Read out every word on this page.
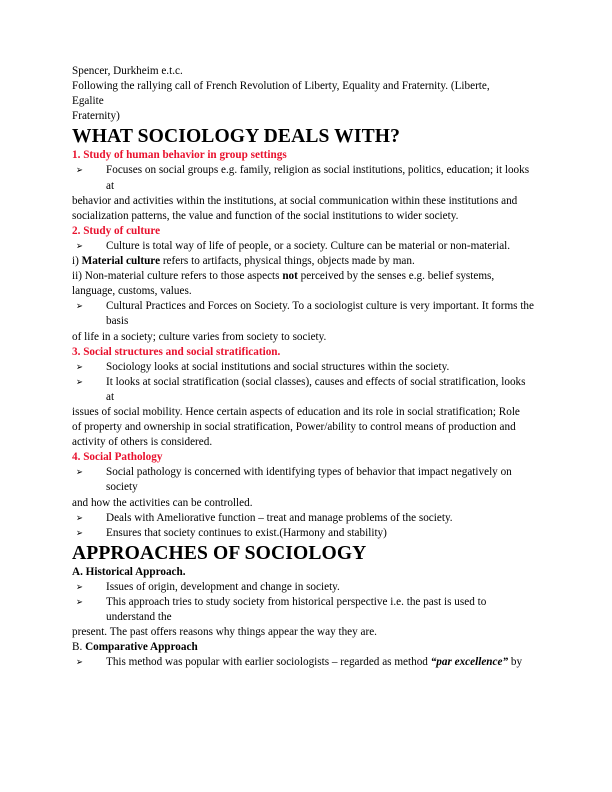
Spencer, Durkheim e.t.c.

Following the rallying call of French Revolution of Liberty, Equality and Fraternity. (Liberte,

Egalite

Fraternity)

WHAT SOCIOLOGY DEALS WITH?
1. Study of human behavior in group settings

➢ Focuses on social groups e.g. family, religion as social institutions, politics, education; it looks at

behavior and activities within the institutions, at social communication within these institutions and

socialization patterns, the value and function of the social institutions to wider society.

2. Study of culture

➢ Culture is total way of life of people, or a society. Culture can be material or non-material.

i) Material culture refers to artifacts, physical things, objects made by man.

ii) Non-material culture refers to those aspects not perceived by the senses e.g. belief systems,

language, customs, values.

➢ Cultural Practices and Forces on Society. To a sociologist culture is very important. It forms the basis

of life in a society; culture varies from society to society.

3. Social structures and social stratification.

➢ Sociology looks at social institutions and social structures within the society.

➢ It looks at social stratification (social classes), causes and effects of social stratification, looks at

issues of social mobility. Hence certain aspects of education and its role in social stratification; Role

of property and ownership in social stratification, Power/ability to control means of production and

activity of others is considered.

4. Social Pathology

➢ Social pathology is concerned with identifying types of behavior that impact negatively on society

and how the activities can be controlled.

➢ Deals with Ameliorative function – treat and manage problems of the society.

➢ Ensures that society continues to exist.(Harmony and stability)

APPROACHES OF SOCIOLOGY
A. Historical Approach.

➢ Issues of origin, development and change in society.

➢ This approach tries to study society from historical perspective i.e. the past is used to understand the

present. The past offers reasons why things appear the way they are.

B. Comparative Approach

➢ This method was popular with earlier sociologists – regarded as method “par excellence” by
